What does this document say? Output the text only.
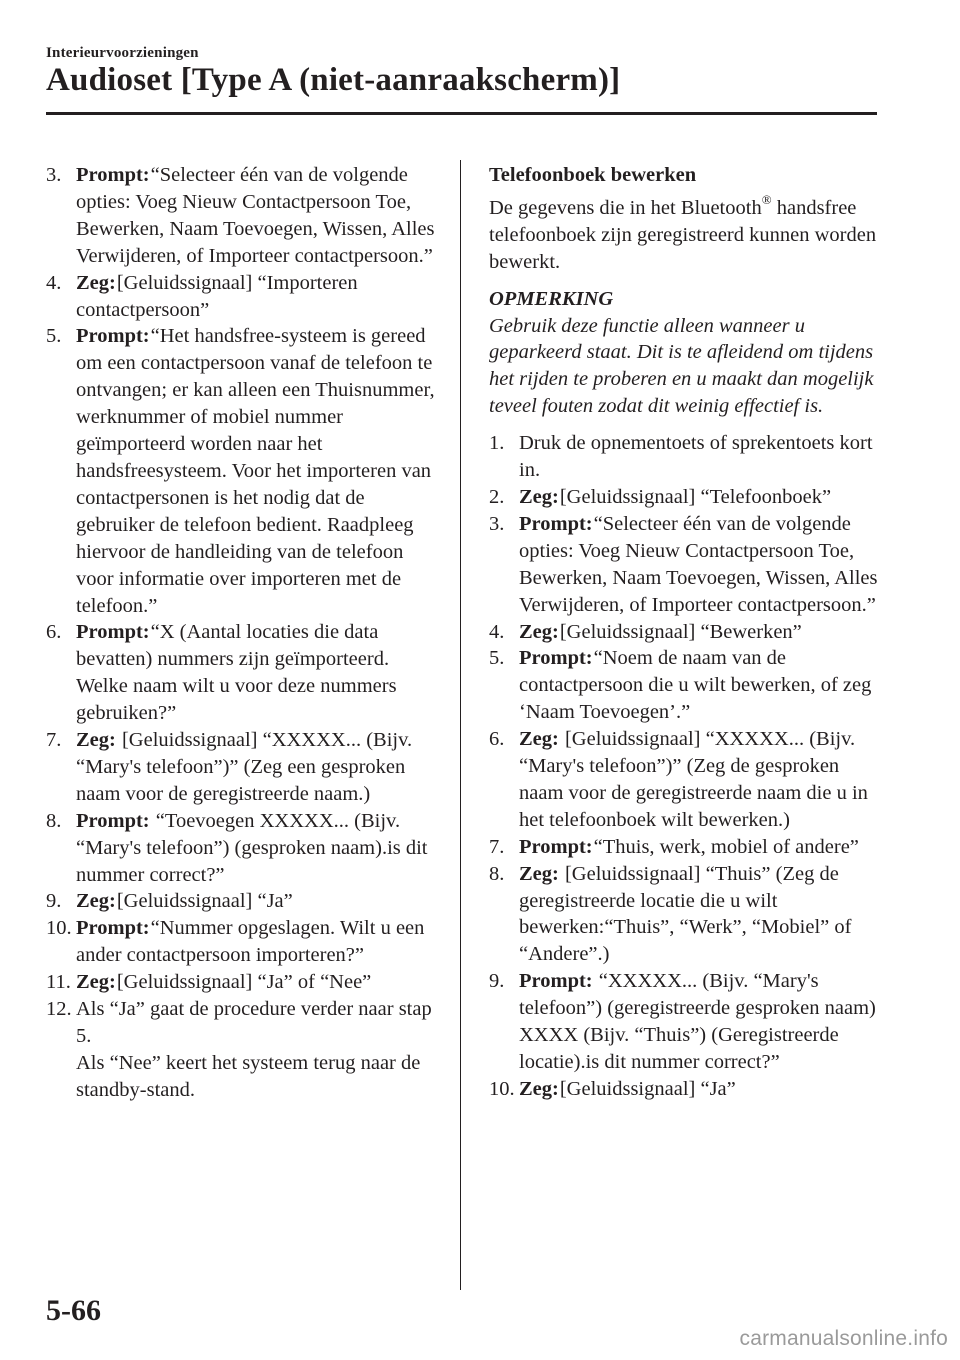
Interieurvoorzieningen
Audioset [Type A (niet-aanraakscherm)]
3. Prompt:“Selecteer één van de volgende opties: Voeg Nieuw Contactpersoon Toe, Bewerken, Naam Toevoegen, Wissen, Alles Verwijderen, of Importeer contactpersoon.”
4. Zeg:[Geluidssignaal] “Importeren contactpersoon”
5. Prompt:“Het handsfree-systeem is gereed om een contactpersoon vanaf de telefoon te ontvangen; er kan alleen een Thuisnummer, werknummer of mobiel nummer geïmporteerd worden naar het handsfreesysteem. Voor het importeren van contactpersonen is het nodig dat de gebruiker de telefoon bedient. Raadpleeg hiervoor de handleiding van de telefoon voor informatie over importeren met de telefoon.”
6. Prompt:“X (Aantal locaties die data bevatten) nummers zijn geïmporteerd. Welke naam wilt u voor deze nummers gebruiken?”
7. Zeg: [Geluidssignaal] “XXXXX... (Bijv. “Mary's telefoon”)” (Zeg een gesproken naam voor de geregistreerde naam.)
8. Prompt: “Toevoegen XXXXX... (Bijv. “Mary's telefoon”) (gesproken naam).is dit nummer correct?”
9. Zeg:[Geluidssignaal] “Ja”
10. Prompt:“Nummer opgeslagen. Wilt u een ander contactpersoon importeren?”
11. Zeg:[Geluidssignaal] “Ja” of “Nee”
12. Als “Ja” gaat de procedure verder naar stap 5.
Als “Nee” keert het systeem terug naar de standby-stand.
Telefoonboek bewerken
De gegevens die in het Bluetooth® handsfree telefoonboek zijn geregistreerd kunnen worden bewerkt.
OPMERKING
Gebruik deze functie alleen wanneer u geparkeerd staat. Dit is te afleidend om tijdens het rijden te proberen en u maakt dan mogelijk teveel fouten zodat dit weinig effectief is.
1. Druk de opnementoets of sprekentoets kort in.
2. Zeg:[Geluidssignaal] “Telefoonboek”
3. Prompt:“Selecteer één van de volgende opties: Voeg Nieuw Contactpersoon Toe, Bewerken, Naam Toevoegen, Wissen, Alles Verwijderen, of Importeer contactpersoon.”
4. Zeg:[Geluidssignaal] “Bewerken”
5. Prompt:“Noem de naam van de contactpersoon die u wilt bewerken, of zeg ‘Naam Toevoegen’.”
6. Zeg: [Geluidssignaal] “XXXXX... (Bijv. “Mary's telefoon”)” (Zeg de gesproken naam voor de geregistreerde naam die u in het telefoonboek wilt bewerken.)
7. Prompt:“Thuis, werk, mobiel of andere”
8. Zeg: [Geluidssignaal] “Thuis” (Zeg de geregistreerde locatie die u wilt bewerken:“Thuis”, “Werk”, “Mobiel” of “Andere”.)
9. Prompt: “XXXXX... (Bijv. “Mary's telefoon”) (geregistreerde gesproken naam) XXXX (Bijv. “Thuis”) (Geregistreerde locatie).is dit nummer correct?”
10. Zeg:[Geluidssignaal] “Ja”
5-66
carmanualsonline.info
